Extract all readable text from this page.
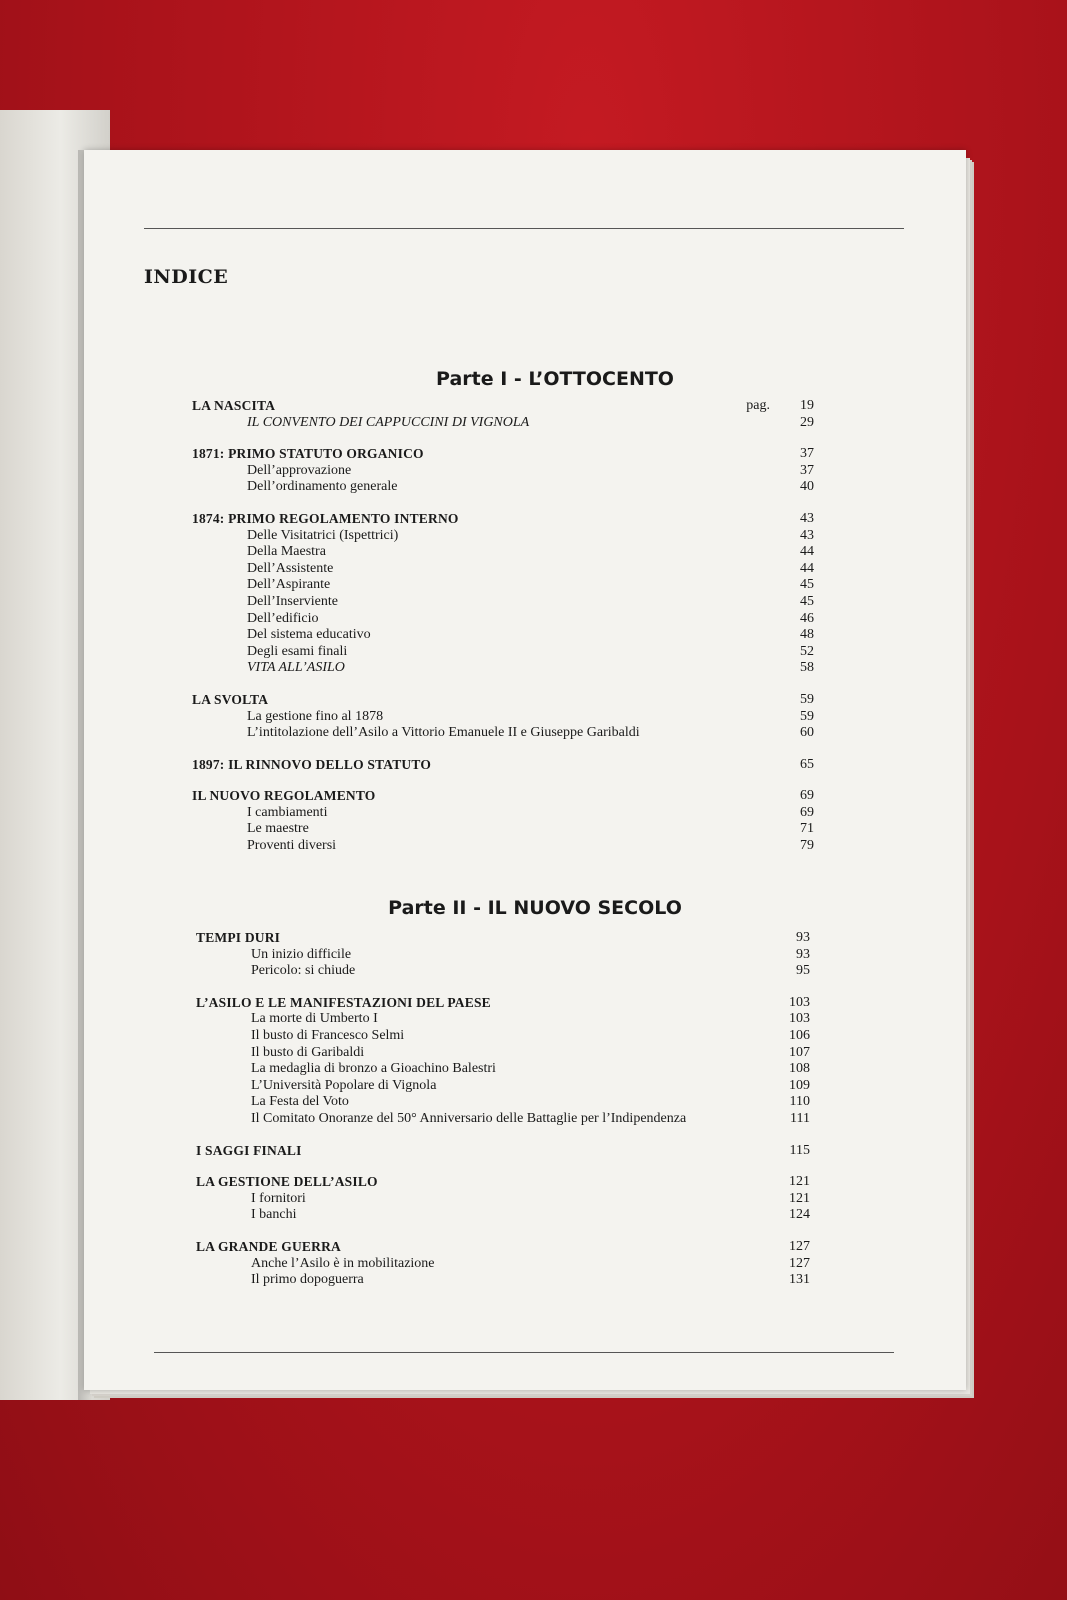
INDICE
Parte I - L’OTTOCENTO
LA NASCITA	pag.	19
IL CONVENTO DEI CAPPUCCINI DI VIGNOLA	29
1871: PRIMO STATUTO ORGANICO	37
Dell’approvazione	37
Dell’ordinamento generale	40
1874: PRIMO REGOLAMENTO INTERNO	43
Delle Visitatrici (Ispettrici)	43
Della Maestra	44
Dell’Assistente	44
Dell’Aspirante	45
Dell’Inserviente	45
Dell’edificio	46
Del sistema educativo	48
Degli esami finali	52
VITA ALL’ASILO	58
LA SVOLTA	59
La gestione fino al 1878	59
L’intitolazione dell’Asilo a Vittorio Emanuele II e Giuseppe Garibaldi	60
1897: IL RINNOVO DELLO STATUTO	65
IL NUOVO REGOLAMENTO	69
I cambiamenti	69
Le maestre	71
Proventi diversi	79
Parte II - IL NUOVO SECOLO
TEMPI DURI	93
Un inizio difficile	93
Pericolo: si chiude	95
L’ASILO E LE MANIFESTAZIONI DEL PAESE	103
La morte di Umberto I	103
Il busto di Francesco Selmi	106
Il busto di Garibaldi	107
La medaglia di bronzo a Gioachino Balestri	108
L’Università Popolare di Vignola	109
La Festa del Voto	110
Il Comitato Onoranze del 50° Anniversario delle Battaglie per l’Indipendenza	111
I SAGGI FINALI	115
LA GESTIONE DELL’ASILO	121
I fornitori	121
I banchi	124
LA GRANDE GUERRA	127
Anche l’Asilo è in mobilitazione	127
Il primo dopoguerra	131
